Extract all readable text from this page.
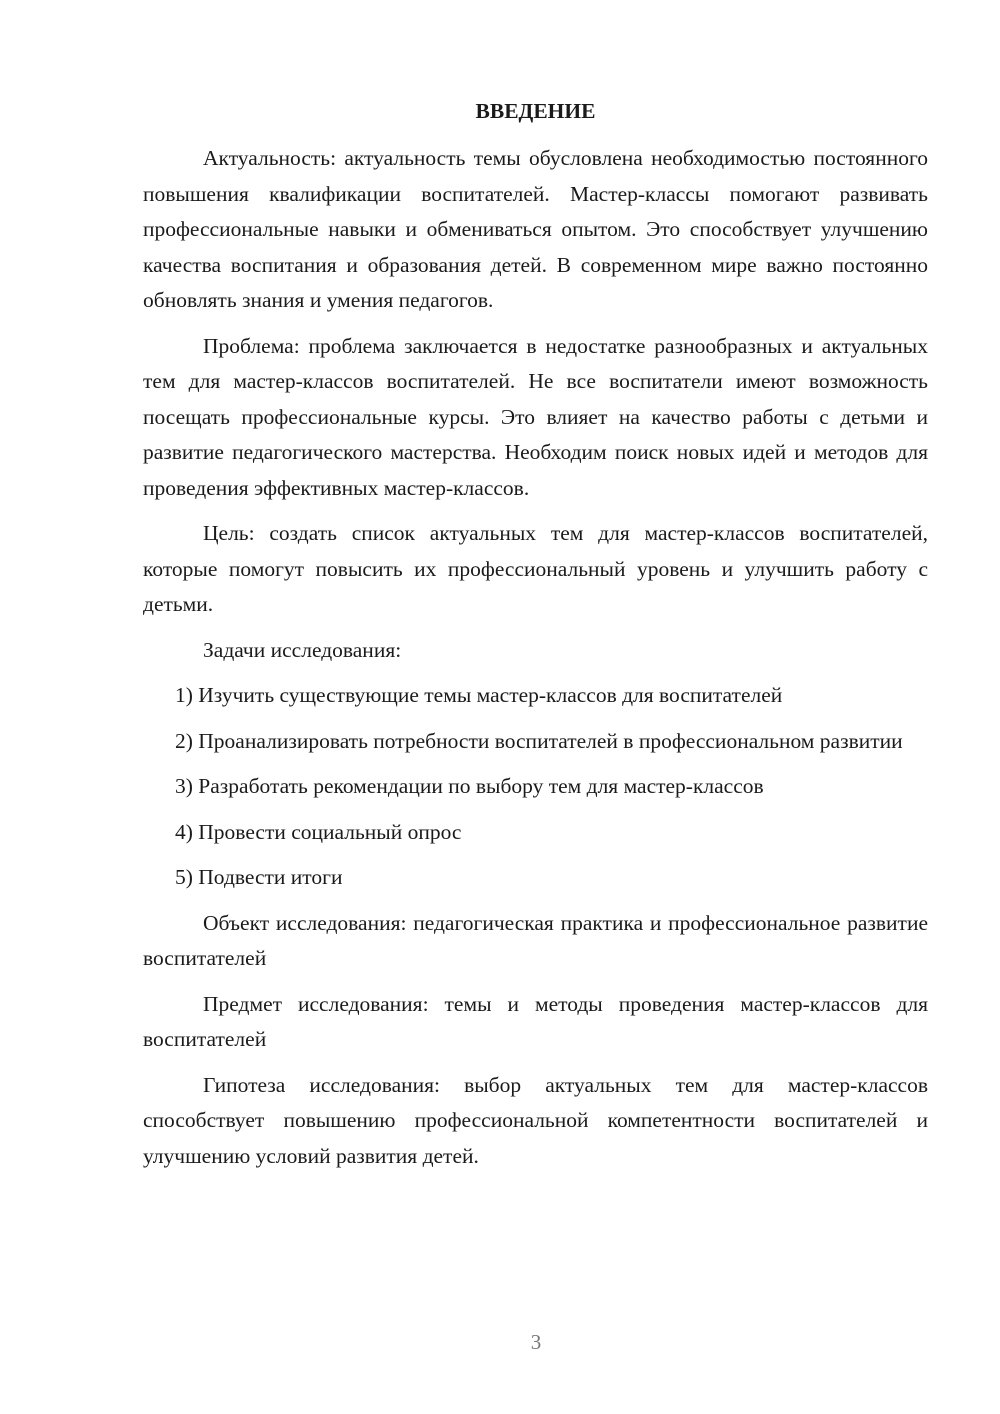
ВВЕДЕНИЕ

Актуальность: актуальность темы обусловлена необходимостью постоянного повышения квалификации воспитателей. Мастер-классы помогают развивать профессиональные навыки и обмениваться опытом. Это способствует улучшению качества воспитания и образования детей. В современном мире важно постоянно обновлять знания и умения педагогов.

Проблема: проблема заключается в недостатке разнообразных и актуальных тем для мастер-классов воспитателей. Не все воспитатели имеют возможность посещать профессиональные курсы. Это влияет на качество работы с детьми и развитие педагогического мастерства. Необходим поиск новых идей и методов для проведения эффективных мастер-классов.

Цель: создать список актуальных тем для мастер-классов воспитателей, которые помогут повысить их профессиональный уровень и улучшить работу с детьми.

Задачи исследования:

1) Изучить существующие темы мастер-классов для воспитателей
2) Проанализировать потребности воспитателей в профессиональном развитии
3) Разработать рекомендации по выбору тем для мастер-классов
4) Провести социальный опрос
5) Подвести итоги

Объект исследования: педагогическая практика и профессиональное развитие воспитателей

Предмет исследования: темы и методы проведения мастер-классов для воспитателей

Гипотеза исследования: выбор актуальных тем для мастер-классов способствует повышению профессиональной компетентности воспитателей и улучшению условий развития детей.

3
